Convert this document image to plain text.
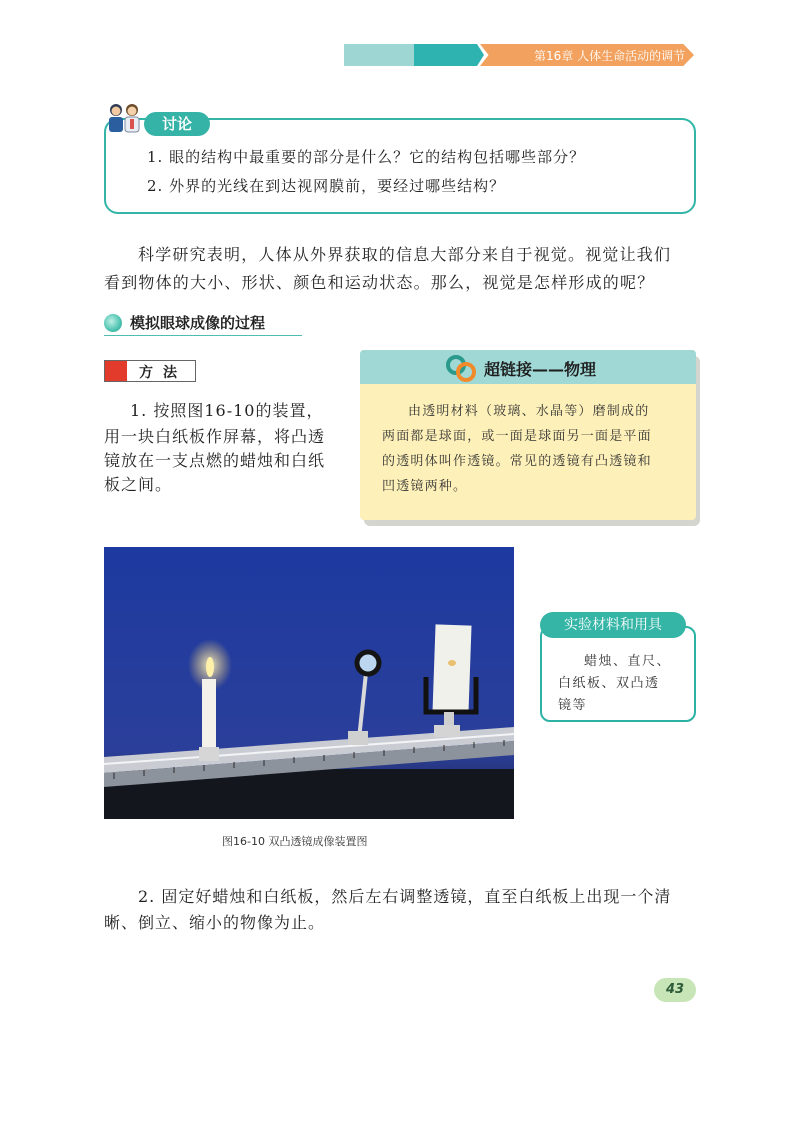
第16章 人体生命活动的调节
讨论
1. 眼的结构中最重要的部分是什么？它的结构包括哪些部分？
2. 外界的光线在到达视网膜前，要经过哪些结构？
科学研究表明，人体从外界获取的信息大部分来自于视觉。视觉让我们
看到物体的大小、形状、颜色和运动状态。那么，视觉是怎样形成的呢？
模拟眼球成像的过程
方法
1. 按照图16-10的装置，
用一块白纸板作屏幕，将凸透
镜放在一支点燃的蜡烛和白纸
板之间。
超链接——物理
由透明材料（玻璃、水晶等）磨制成的
两面都是球面，或一面是球面另一面是平面
的透明体叫作透镜。常见的透镜有凸透镜和
凹透镜两种。
图16-10 双凸透镜成像装置图
实验材料和用具
蜡烛、直尺、
白纸板、双凸透
镜等
2. 固定好蜡烛和白纸板，然后左右调整透镜，直至白纸板上出现一个清
晰、倒立、缩小的物像为止。
43
